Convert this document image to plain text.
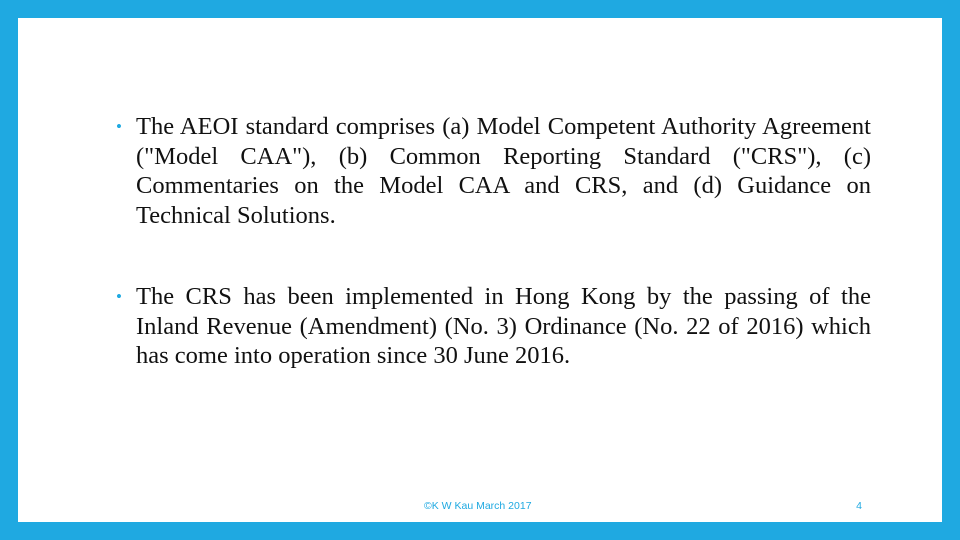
• The AEOI standard comprises (a) Model Competent Authority Agreement ("Model CAA"), (b) Common Reporting Standard ("CRS"), (c) Commentaries on the Model CAA and CRS, and (d) Guidance on Technical Solutions.
• The CRS has been implemented in Hong Kong by the passing of the Inland Revenue (Amendment) (No. 3) Ordinance (No. 22 of 2016) which has come into operation since 30 June 2016.
©K W Kau March 2017	4
